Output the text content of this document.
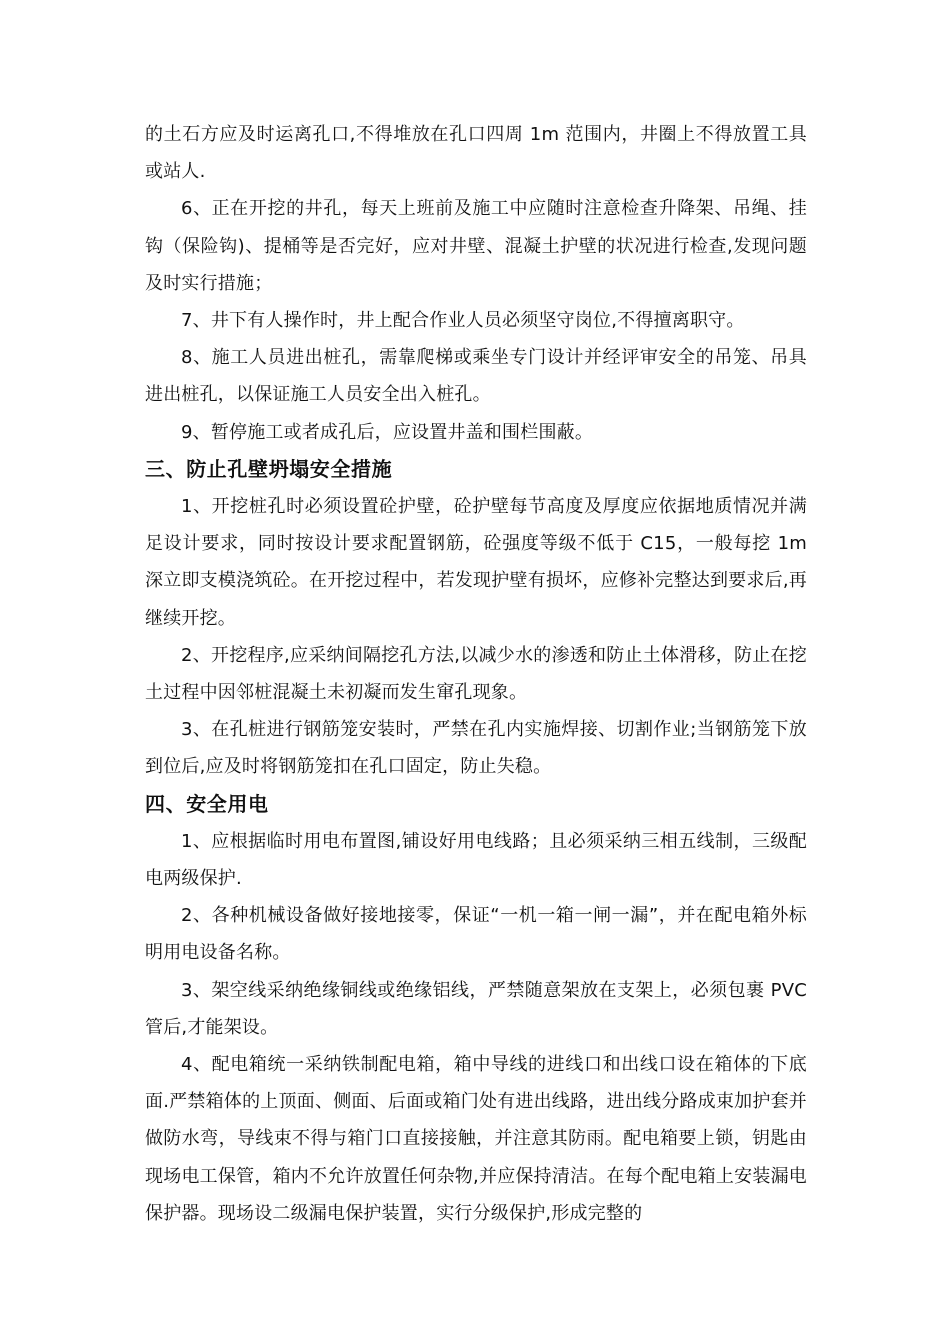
的土石方应及时运离孔口,不得堆放在孔口四周 1m 范围内，井圈上不得放置工具或站人.

6、正在开挖的井孔，每天上班前及施工中应随时注意检查升降架、吊绳、挂钩（保险钩)、提桶等是否完好，应对井壁、混凝土护壁的状况进行检查,发现问题及时实行措施；

7、井下有人操作时，井上配合作业人员必须坚守岗位,不得擅离职守。

8、施工人员进出桩孔，需靠爬梯或乘坐专门设计并经评审安全的吊笼、吊具进出桩孔，以保证施工人员安全出入桩孔。

9、暂停施工或者成孔后，应设置井盖和围栏围蔽。

三、防止孔壁坍塌安全措施

1、开挖桩孔时必须设置砼护壁，砼护壁每节高度及厚度应依据地质情况并满足设计要求，同时按设计要求配置钢筋，砼强度等级不低于 C15，一般每挖 1m 深立即支模浇筑砼。在开挖过程中，若发现护壁有损坏，应修补完整达到要求后,再继续开挖。

2、开挖程序,应采纳间隔挖孔方法,以减少水的渗透和防止土体滑移，防止在挖土过程中因邻桩混凝土未初凝而发生窜孔现象。

3、在孔桩进行钢筋笼安装时，严禁在孔内实施焊接、切割作业;当钢筋笼下放到位后,应及时将钢筋笼扣在孔口固定，防止失稳。

四、安全用电

1、应根据临时用电布置图,铺设好用电线路；且必须采纳三相五线制，三级配电两级保护.

2、各种机械设备做好接地接零，保证“一机一箱一闸一漏”，并在配电箱外标明用电设备名称。

3、架空线采纳绝缘铜线或绝缘铝线，严禁随意架放在支架上，必须包裹 PVC 管后,才能架设。

4、配电箱统一采纳铁制配电箱，箱中导线的进线口和出线口设在箱体的下底面.严禁箱体的上顶面、侧面、后面或箱门处有进出线路，进出线分路成束加护套并做防水弯，导线束不得与箱门口直接接触，并注意其防雨。配电箱要上锁，钥匙由现场电工保管，箱内不允许放置任何杂物,并应保持清洁。在每个配电箱上安装漏电保护器。现场设二级漏电保护装置，实行分级保护,形成完整的
